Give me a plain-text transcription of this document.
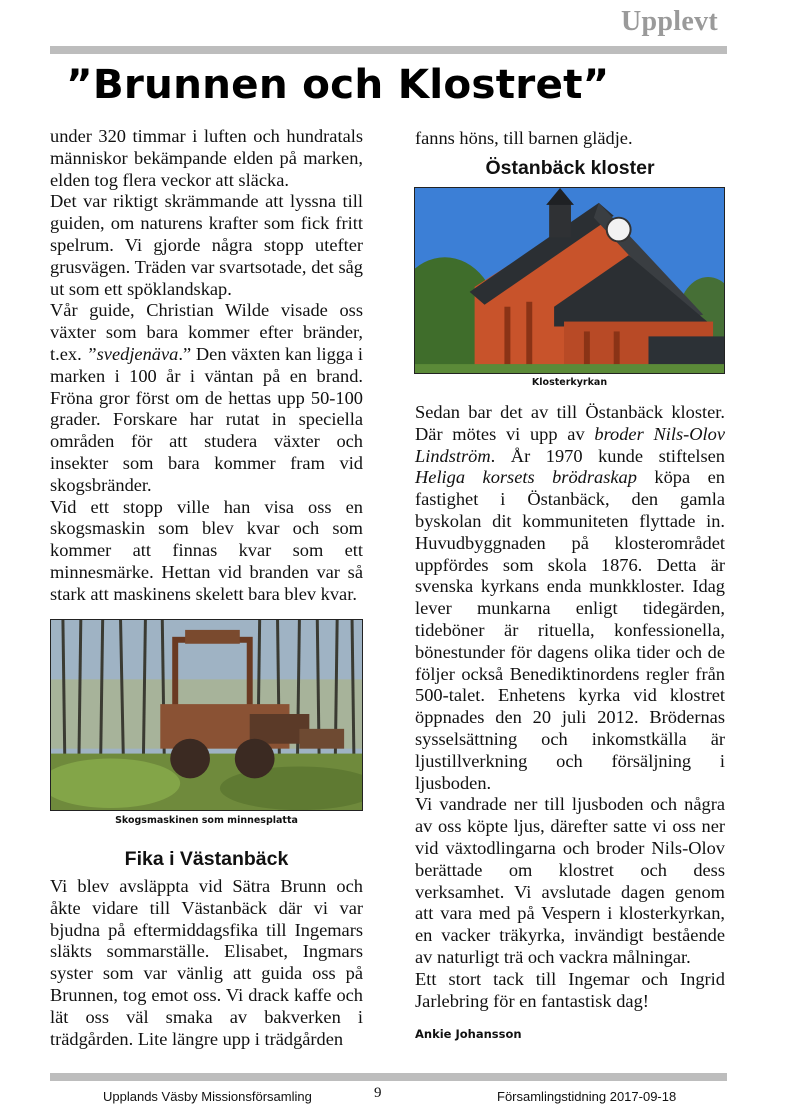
Upplevt
”Brunnen och Klostret”

under 320 timmar i luften och hundratals människor bekämpande elden på marken, elden tog flera veckor att släcka.

Det var riktigt skrämmande att lyssna till guiden, om naturens krafter som fick fritt spelrum. Vi gjorde några stopp utefter grusvägen. Träden var svartsotade, det såg ut som ett spöklandskap.

Vår guide, Christian Wilde visade oss växter som bara kommer efter bränder, t.ex. ”svedjenäva.” Den växten kan ligga i marken i 100 år i väntan på en brand. Fröna gror först om de hettas upp 50-100 grader. Forskare har rutat in speciella områden för att studera växter och insekter som bara kommer fram vid skogsbränder.

Vid ett stopp ville han visa oss en skogsmaskin som blev kvar och som kommer att finnas kvar som ett minnesmärke. Hettan vid branden var så stark att maskinens skelett bara blev kvar.

Skogsmaskinen som minnesplatta
Fika i Västanbäck

Vi blev avsläppta vid Sätra Brunn och åkte vidare till Västanbäck där vi var bjudna på eftermiddagsfika till Ingemars släkts sommarställe. Elisabet, Ingmars syster som var vänlig att guida oss på Brunnen, tog emot oss. Vi drack kaffe och lät oss väl smaka av bakverken i trädgården. Lite längre upp i trädgården

fanns höns, till barnen glädje.

Östanbäck kloster
Klosterkyrkan

Sedan bar det av till Östanbäck kloster. Där mötes vi upp av broder Nils-Olov Lindström. År 1970 kunde stiftelsen Heliga korsets brödraskap köpa en fastighet i Östanbäck, den gamla byskolan dit kommuniteten flyttade in. Huvudbyggnaden på klosterområdet uppfördes som skola 1876. Detta är svenska kyrkans enda munkkloster. Idag lever munkarna enligt tidegärden, tideböner är rituella, konfessionella, bönestunder för dagens olika tider och de följer också Benediktinordens regler från 500-talet. Enhetens kyrka vid klostret öppnades den 20 juli 2012. Brödernas sysselsättning och inkomstkälla är ljustillverkning och försäljning i ljusboden.

Vi vandrade ner till ljusboden och några av oss köpte ljus, därefter satte vi oss ner vid växtodlingarna och broder Nils-Olov berättade om klostret och dess verksamhet. Vi avslutade dagen genom att vara med på Vespern i klosterkyrkan, en vacker träkyrka, invändigt bestående av naturligt trä och vackra målningar.

Ett stort tack till Ingemar och Ingrid Jarlebring för en fantastisk dag!

Ankie Johansson
Upplands Väsby Missionsförsamling	9	Församlingstidning 2017-09-18
